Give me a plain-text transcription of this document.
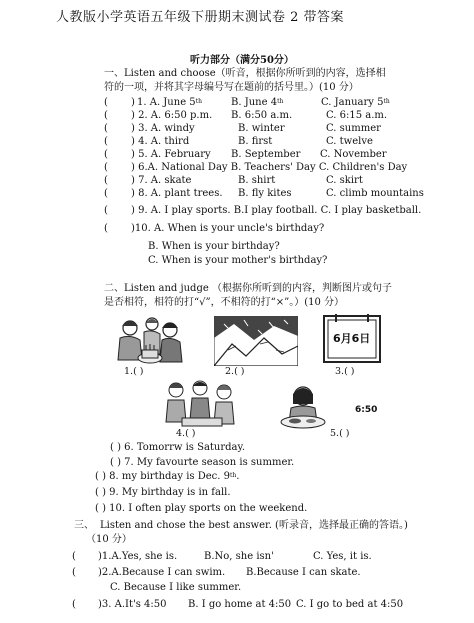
人教版小学英语五年级下册期末测试卷 2 带答案
听力部分（满分50分）
一、Listen and choose（听音，根据你所听到的内容，选择相
符的一项，并将其字母编号写在题前的括号里。）(10 分）
( ) 1. A. June 5th	B. June 4th	C. January 5th
( ) 2. A. 6:50 p.m. B. 6:50 a.m.	C. 6:15 a.m.
( ) 3. A. windy	B. winter	C. summer
( ) 4. A. third	B. first	C. twelve
( ) 5. A. February B. September C. November
( ) 6.A. National Day B. Teachers' Day C. Children's Day
( ) 7. A. skate	B. shirt	C. skirt
( ) 8. A. plant trees. B. fly kites	C. climb mountains
( ) 9. A. I play sports. B.I play football. C. I play basketball.
( )10. A. When is your uncle's birthday?
B. When is your birthday?
C. When is your mother's birthday?
二、Listen and judge （根据你所听到的内容，判断图片或句子
是否相符，相符的打“√”，不相符的打“×”。）(10 分）
1.( )	2.( )
6月6日
3.( )
4.( )
6:50
5.( )
( ) 6. Tomorrw is Saturday.
( ) 7. My favourte season is summer.
( ) 8. my birthday is Dec. 9th.
( ) 9. My birthday is in fall.
( ) 10. I often play sports on the weekend.
三、 Listen and chose the best answer. (听录音，选择最正确的答语。)
（10 分）
( )1.A.Yes, she is.	B.No, she isn'	C. Yes, it is.
( )2.A.Because I can swim. B.Because I can skate.
C. Because I like summer.
( )3. A.It's 4:50 B. I go home at 4:50 C. I go to bed at 4:50
